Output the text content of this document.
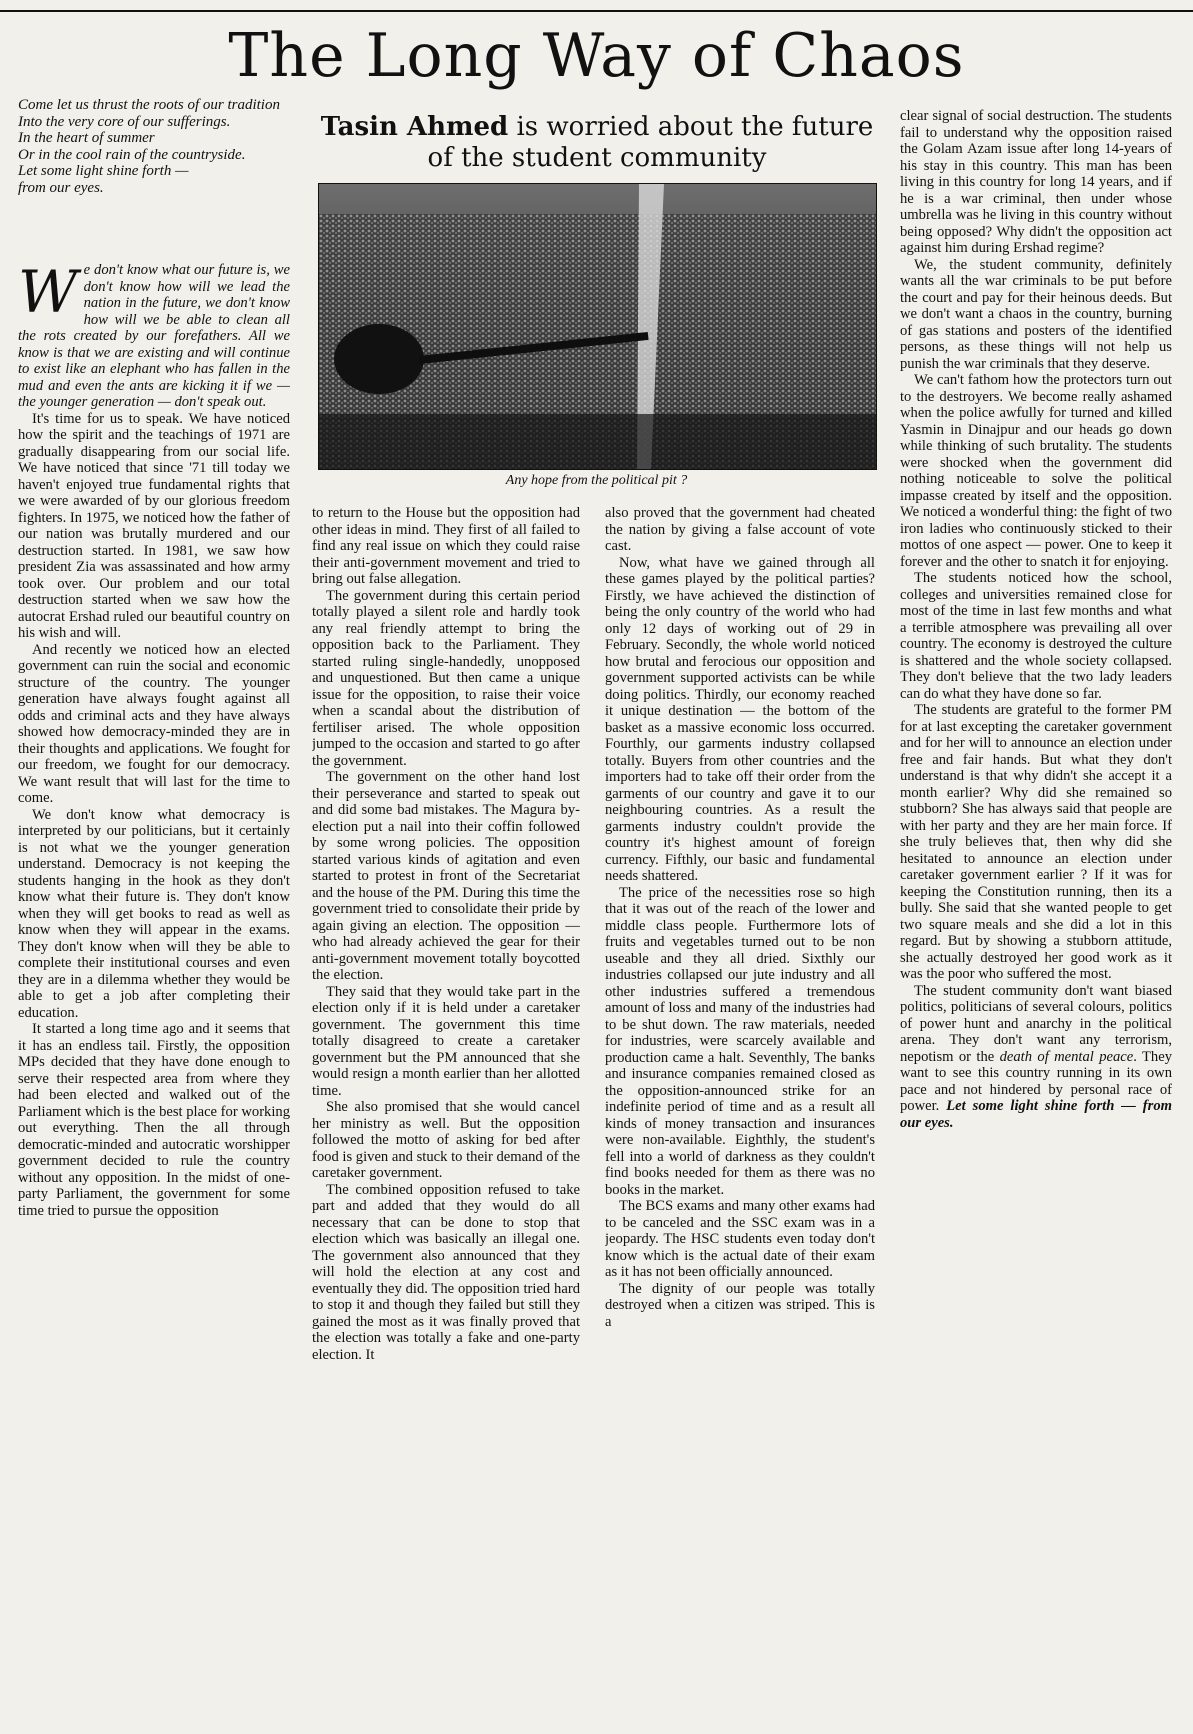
The Long Way of Chaos
Come let us thrust the roots of our tradition
Into the very core of our sufferings.
In the heart of summer
Or in the cool rain of the countryside.
Let some light shine forth —
from our eyes.
Tasin Ahmed is worried about the future of the student community
Any hope from the political pit ?

We don't know what our future is, we don't know how will we lead the nation in the future, we don't know how will we be able to clean all the rots created by our forefathers. All we know is that we are existing and will continue to exist like an elephant who has fallen in the mud and even the ants are kicking it if we — the younger generation — don't speak out.

It's time for us to speak. We have noticed how the spirit and the teachings of 1971 are gradually disappearing from our social life. We have noticed that since '71 till today we haven't enjoyed true fundamental rights that we were awarded of by our glorious freedom fighters. In 1975, we noticed how the father of our nation was brutally murdered and our destruction started. In 1981, we saw how president Zia was assassinated and how army took over. Our problem and our total destruction started when we saw how the autocrat Ershad ruled our beautiful country on his wish and will.

And recently we noticed how an elected government can ruin the social and economic structure of the country. The younger generation have always fought against all odds and criminal acts and they have always showed how democracy-minded they are in their thoughts and applications. We fought for our freedom, we fought for our democracy. We want result that will last for the time to come.

We don't know what democracy is interpreted by our politicians, but it certainly is not what we the younger generation understand. Democracy is not keeping the students hanging in the hook as they don't know what their future is. They don't know when they will get books to read as well as know when they will appear in the exams. They don't know when will they be able to complete their institutional courses and even they are in a dilemma whether they would be able to get a job after completing their education.

It started a long time ago and it seems that it has an endless tail. Firstly, the opposition MPs decided that they have done enough to serve their respected area from where they had been elected and walked out of the Parliament which is the best place for working out everything. Then the all through democratic-minded and autocratic worshipper government decided to rule the country without any opposition. In the midst of one-party Parliament, the government for some time tried to pursue the opposition

to return to the House but the opposition had other ideas in mind. They first of all failed to find any real issue on which they could raise their anti-government movement and tried to bring out false allegation.

The government during this certain period totally played a silent role and hardly took any real friendly attempt to bring the opposition back to the Parliament. They started ruling single-handedly, unopposed and unquestioned. But then came a unique issue for the opposition, to raise their voice when a scandal about the distribution of fertiliser arised. The whole opposition jumped to the occasion and started to go after the government.

The government on the other hand lost their perseverance and started to speak out and did some bad mistakes. The Magura by-election put a nail into their coffin followed by some wrong policies. The opposition started various kinds of agitation and even started to protest in front of the Secretariat and the house of the PM. During this time the government tried to consolidate their pride by again giving an election. The opposition — who had already achieved the gear for their anti-government movement totally boycotted the election.

They said that they would take part in the election only if it is held under a caretaker government. The government this time totally disagreed to create a caretaker government but the PM announced that she would resign a month earlier than her allotted time.

She also promised that she would cancel her ministry as well. But the opposition followed the motto of asking for bed after food is given and stuck to their demand of the caretaker government.

The combined opposition refused to take part and added that they would do all necessary that can be done to stop that election which was basically an illegal one. The government also announced that they will hold the election at any cost and eventually they did. The opposition tried hard to stop it and though they failed but still they gained the most as it was finally proved that the election was totally a fake and one-party election. It

also proved that the government had cheated the nation by giving a false account of vote cast.

Now, what have we gained through all these games played by the political parties? Firstly, we have achieved the distinction of being the only country of the world who had only 12 days of working out of 29 in February. Secondly, the whole world noticed how brutal and ferocious our opposition and government supported activists can be while doing politics. Thirdly, our economy reached it unique destination — the bottom of the basket as a massive economic loss occurred. Fourthly, our garments industry collapsed totally. Buyers from other countries and the importers had to take off their order from the garments of our country and gave it to our neighbouring countries. As a result the garments industry couldn't provide the country it's highest amount of foreign currency. Fifthly, our basic and fundamental needs shattered.

The price of the necessities rose so high that it was out of the reach of the lower and middle class people. Furthermore lots of fruits and vegetables turned out to be non useable and they all dried. Sixthly our industries collapsed our jute industry and all other industries suffered a tremendous amount of loss and many of the industries had to be shut down. The raw materials, needed for industries, were scarcely available and production came a halt. Seventhly, The banks and insurance companies remained closed as the opposition-announced strike for an indefinite period of time and as a result all kinds of money transaction and insurances were non-available. Eighthly, the student's fell into a world of darkness as they couldn't find books needed for them as there was no books in the market.

The BCS exams and many other exams had to be canceled and the SSC exam was in a jeopardy. The HSC students even today don't know which is the actual date of their exam as it has not been officially announced.

The dignity of our people was totally destroyed when a citizen was striped. This is a

clear signal of social destruction. The students fail to understand why the opposition raised the Golam Azam issue after long 14-years of his stay in this country. This man has been living in this country for long 14 years, and if he is a war criminal, then under whose umbrella was he living in this country without being opposed? Why didn't the opposition act against him during Ershad regime?

We, the student community, definitely wants all the war criminals to be put before the court and pay for their heinous deeds. But we don't want a chaos in the country, burning of gas stations and posters of the identified persons, as these things will not help us punish the war criminals that they deserve.

We can't fathom how the protectors turn out to the destroyers. We become really ashamed when the police awfully for turned and killed Yasmin in Dinajpur and our heads go down while thinking of such brutality. The students were shocked when the government did nothing noticeable to solve the political impasse created by itself and the opposition. We noticed a wonderful thing: the fight of two iron ladies who continuously sticked to their mottos of one aspect — power. One to keep it forever and the other to snatch it for enjoying.

The students noticed how the school, colleges and universities remained close for most of the time in last few months and what a terrible atmosphere was prevailing all over country. The economy is destroyed the culture is shattered and the whole society collapsed. They don't believe that the two lady leaders can do what they have done so far.

The students are grateful to the former PM for at last excepting the caretaker government and for her will to announce an election under free and fair hands. But what they don't understand is that why didn't she accept it a month earlier? Why did she remained so stubborn? She has always said that people are with her party and they are her main force. If she truly believes that, then why did she hesitated to announce an election under caretaker government earlier ? If it was for keeping the Constitution running, then its a bully. She said that she wanted people to get two square meals and she did a lot in this regard. But by showing a stubborn attitude, she actually destroyed her good work as it was the poor who suffered the most.

The student community don't want biased politics, politicians of several colours, politics of power hunt and anarchy in the political arena. They don't want any terrorism, nepotism or the death of mental peace. They want to see this country running in its own pace and not hindered by personal race of power. Let some light shine forth — from our eyes.
